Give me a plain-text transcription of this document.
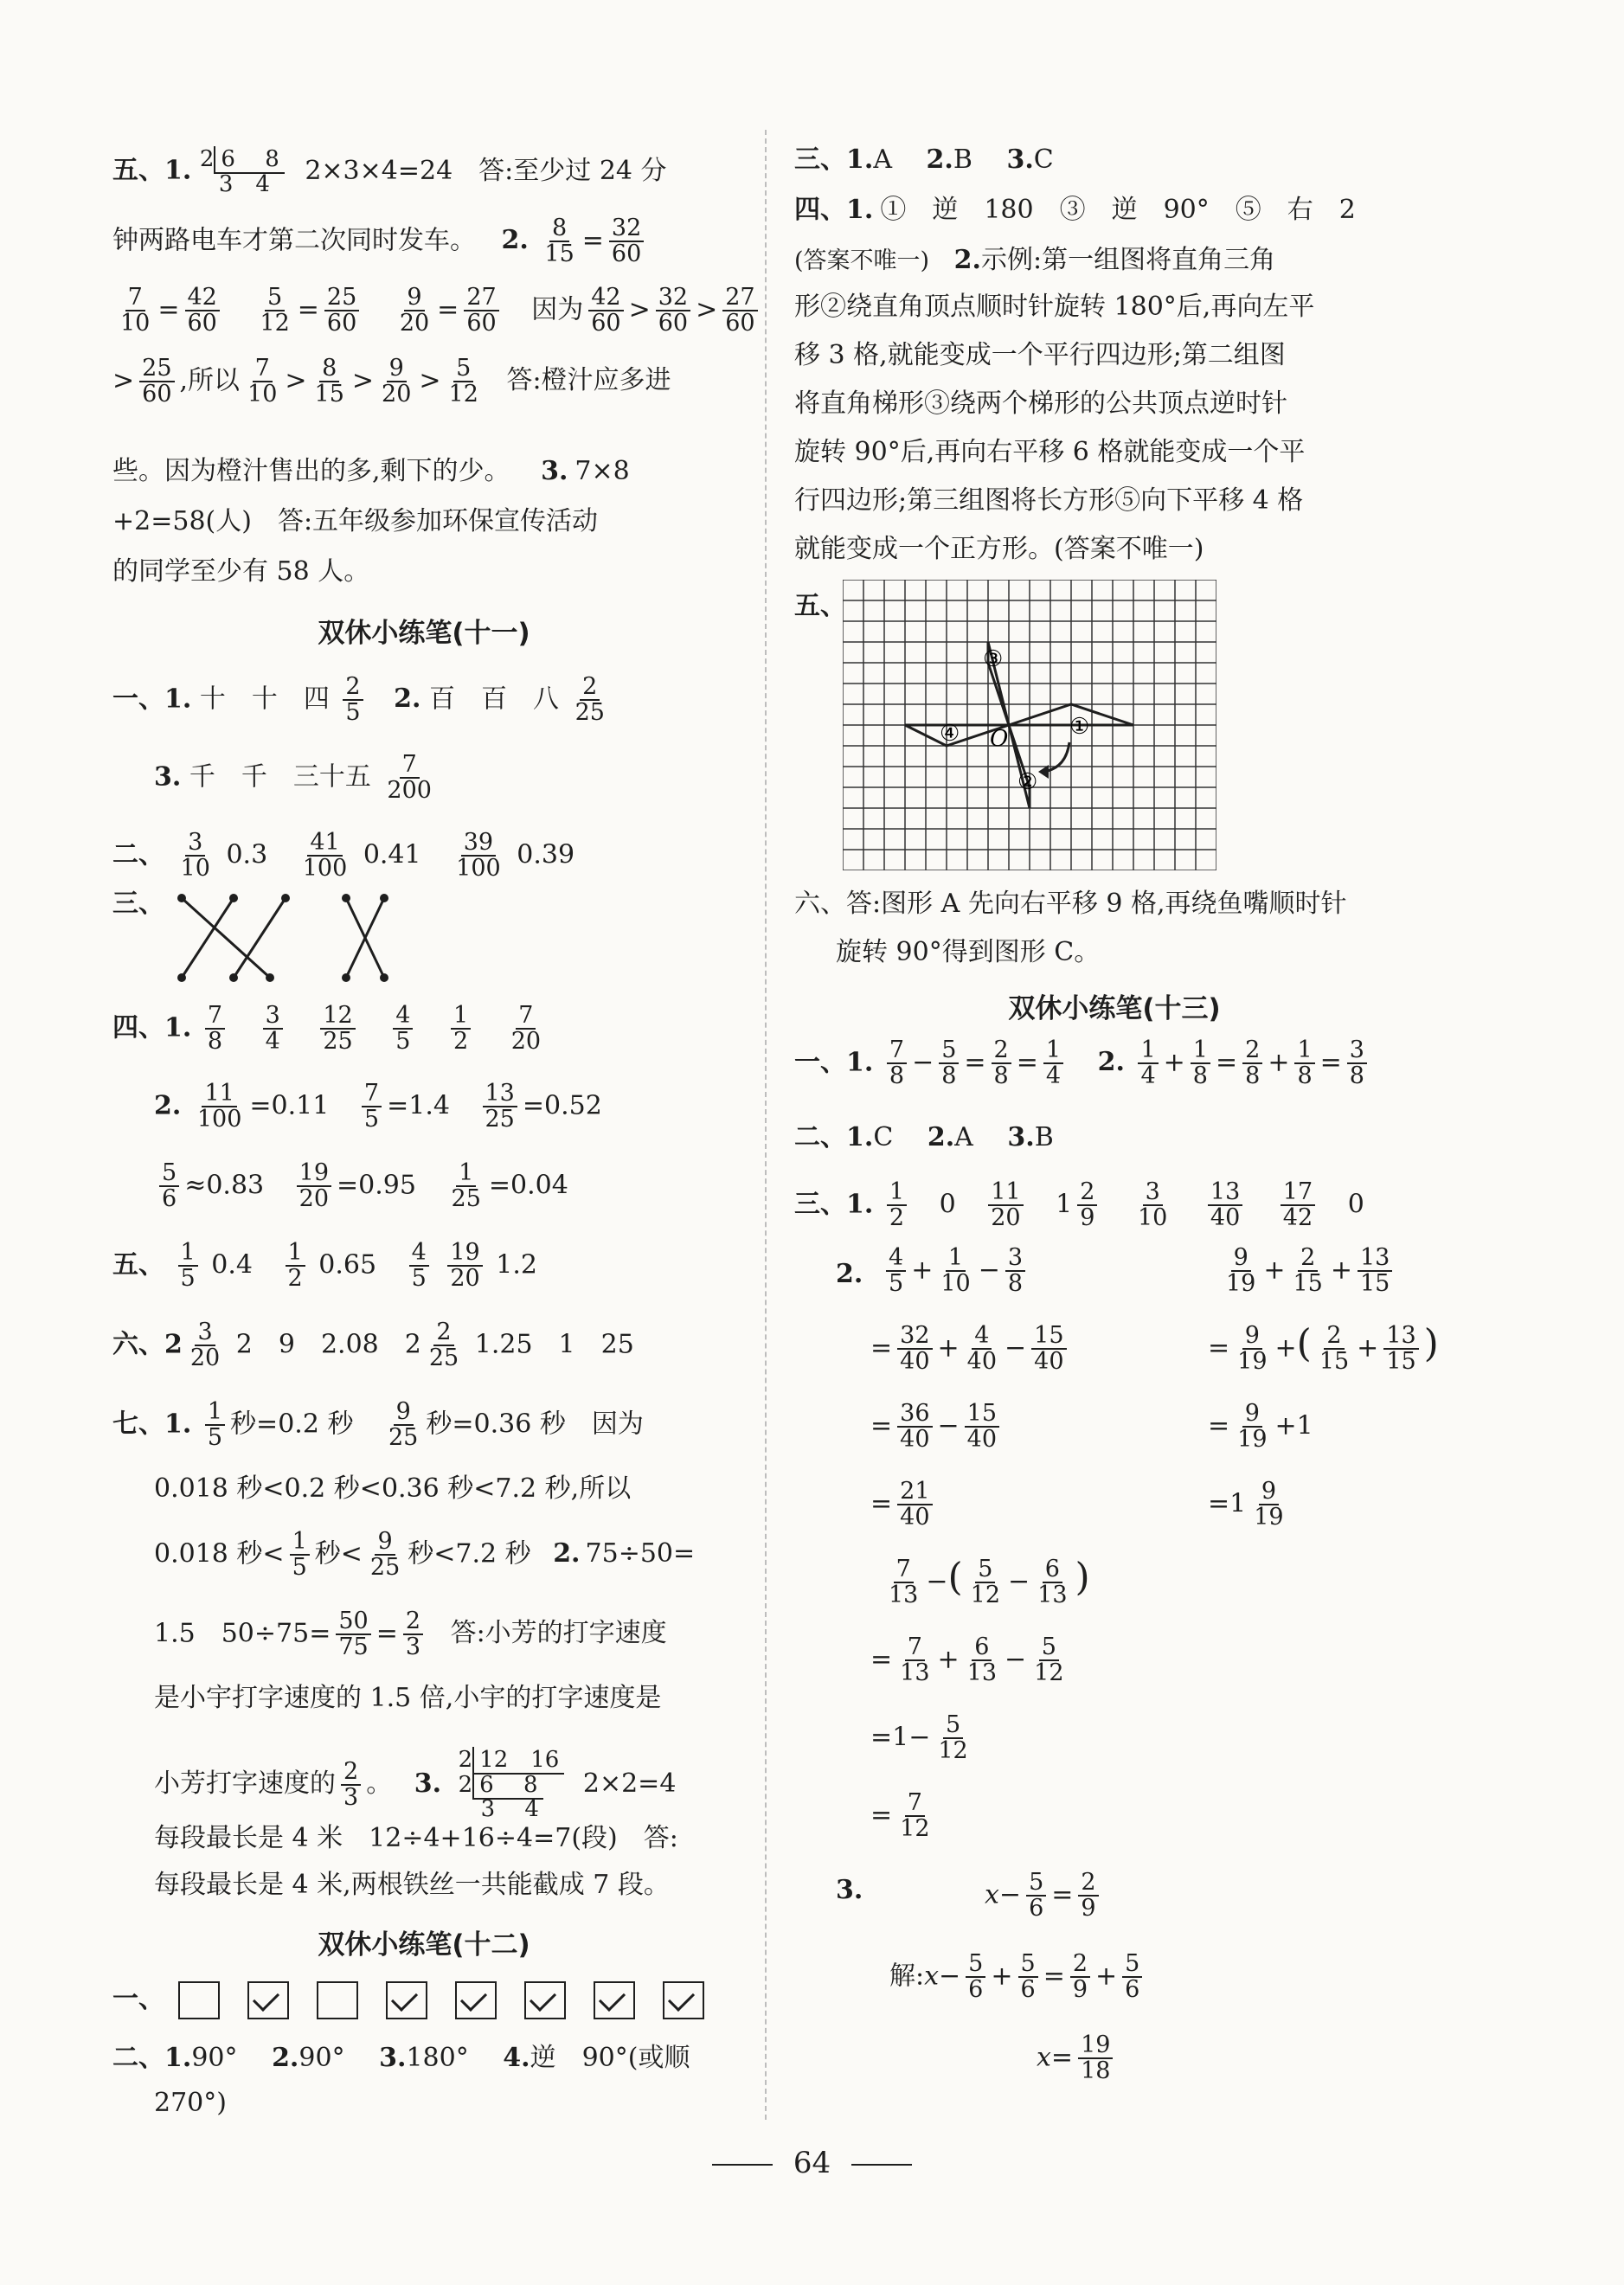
五、1. 2 6　 8
3　4 2×3×4=24　答:至少过 24 分
钟两路电车才第二次同时发车。 2. $\frac{8}{15} = \frac{32}{60}$
$\frac{7}{10} = \frac{42}{60}$
$\frac{5}{12} = \frac{25}{60}$
$\frac{9}{20} = \frac{27}{60}$ 因为 $\frac{42}{60} > \frac{32}{60} > \frac{27}{60}$
> $\frac{25}{60}$ ,所以 $\frac{7}{10} > \frac{8}{15} > \frac{9}{20} > \frac{5}{12}$ 答:橙汁应多进
些。因为橙汁售出的多,剩下的少。 3. 7×8
+2=58(人)　答:五年级参加环保宣传活动
的同学至少有 58 人。
双休小练笔(十一)
一、1. 十　十　四 $\frac{2}{5} 2$. 百　百　八 $\frac{2}{25}$
3. 千　千　三十五 $\frac{7}{200}$
二、 $\frac{3}{10} 0.3 \frac{41}{100} 0.41 \frac{39}{100} 0.39$
三、
四、1. $\frac{7}{8}$
$\frac{3}{4}$
$\frac{12}{25}$
$\frac{4}{5}$
$\frac{1}{2}$
$\frac{7}{20}$
2. $\frac{11}{100} =0.11 \frac{7}{5} =1.4 \frac{13}{25} =0.52$
$\frac{5}{6} \approx 0.83 \frac{19}{20} =0.95 \frac{1}{25} =0.04$
五、 $\frac{1}{5} 0.4 \frac{1}{2} 0.65 \frac{4}{5}$
$\frac{19}{20} 1.2$
六、$2 \frac{3}{20} 2$　9　2.08　$2 \frac{2}{25} 1.25$　1　25
七、1. $\frac{1}{5}$ 秒=0.2 秒 $\frac{9}{25}$ 秒=0.36 秒　因为
0.018 秒<0.2 秒<0.36 秒<7.2 秒,所以
0.018 秒< $\frac{1}{5}$ 秒< $\frac{9}{25}$ 秒<7.2 秒 2. 75÷50=
1.5　$50\div 75= \frac{50}{75} = \frac{2}{3}$ 答:小芳的打字速度
是小宇打字速度的 1.5 倍,小宇的打字速度是
小芳打字速度的 $\frac{2}{3}$ 。 3. 2 12　16
2 6　 8
3　 4 2×2=4
每段最长是 4 米　12÷4+16÷4=7(段)　答:
每段最长是 4 米,两根铁丝一共能截成 7 段。
双休小练笔(十二)
一、
二、1.90°　 2.90°　 3.180°　 4.逆　90°(或顺
270°)
三、1.A　 2.B　 3.C
四、1. ①　逆　180　③　逆　90°　⑤　右　2
(答案不唯一) 2.示例:第一组图将直角三角
形②绕直角顶点顺时针旋转 180°后,再向左平
移 3 格,就能变成一个平行四边形;第二组图
将直角梯形③绕两个梯形的公共顶点逆时针
旋转 90°后,再向右平移 6 格就能变成一个平
行四边形;第三组图将长方形⑤向下平移 4 格
就能变成一个正方形。(答案不唯一)
五、
③
①
②
④ O
六、答:图形 A 先向右平移 9 格,再绕鱼嘴顺时针
旋转 90°得到图形 C。
双休小练笔(十三)
一、1. $\frac{7}{8} - \frac{5}{8} = \frac{2}{8} = \frac{1}{4} 2$. $\frac{1}{4} + \frac{1}{8} = \frac{2}{8} + \frac{1}{8} = \frac{3}{8}$
二、1.C　 2.A　 3.B
三、1. $\frac{1}{2} 0 \frac{11}{20} 1 \frac{2}{9}$
$\frac{3}{10}$
$\frac{13}{40}$
$\frac{17}{42} 0$
2. $\frac{4}{5} + \frac{1}{10} - \frac{3}{8}$
= $\frac{32}{40} + \frac{4}{40} - \frac{15}{40}$
= $\frac{36}{40} - \frac{15}{40}$
= $\frac{21}{40}$
$\frac{9}{19} + \frac{2}{15} + \frac{13}{15}$
= $\frac{9}{19}$ +( $\frac{2}{15} + \frac{13}{15}$ )
= $\frac{9}{19} +1$
$=1 \frac{9}{19}$
$\frac{7}{13}$ −( $\frac{5}{12} - \frac{6}{13}$ )
= $\frac{7}{13} + \frac{6}{13} - \frac{5}{12}$
$=1- \frac{5}{12}$
= $\frac{7}{12}$
3.	$x- \frac{5}{6} = \frac{2}{9}$
解:x− $\frac{5}{6} + \frac{5}{6} = \frac{2}{9} + \frac{5}{6}$
$x= \frac{19}{18}$
64
